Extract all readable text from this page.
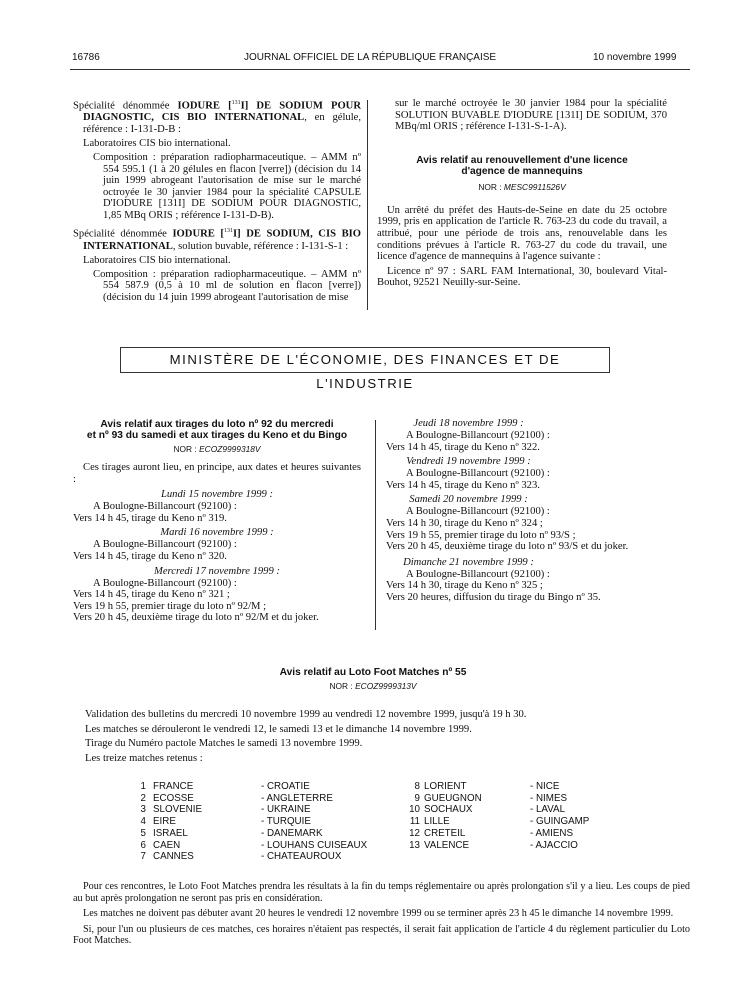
16786	JOURNAL OFFICIEL DE LA RÉPUBLIQUE FRANÇAISE	10 novembre 1999
Spécialité dénommée IODURE [$^{131}$I] DE SODIUM POUR DIAGNOSTIC, CIS BIO INTERNATIONAL, en gélule, référence : I-131-D-B :
Laboratoires CIS bio international.
Composition : préparation radiopharmaceutique. – AMM nº 554 595.1 (1 à 20 gélules en flacon [verre]) (décision du 14 juin 1999 abrogeant l'autorisation de mise sur le marché octroyée le 30 janvier 1984 pour la spécialité CAPSULE D'IODURE [131I] DE SODIUM POUR DIAGNOSTIC, 1,85 MBq ORIS ; référence I-131-D-B).
Spécialité dénommée IODURE [$^{131}$I] DE SODIUM, CIS BIO INTERNATIONAL, solution buvable, référence : I-131-S-1 :
Laboratoires CIS bio international.
Composition : préparation radiopharmaceutique. – AMM nº 554 587.9 (0,5 à 10 ml de solution en flacon [verre]) (décision du 14 juin 1999 abrogeant l'autorisation de mise
sur le marché octroyée le 30 janvier 1984 pour la spécialité SOLUTION BUVABLE D'IODURE [131I] DE SODIUM, 370 MBq/ml ORIS ; référence I-131-S-1-A).
Avis relatif au renouvellement d'une licence
d'agence de mannequins
NOR : MESC9911526V
Un arrêté du préfet des Hauts-de-Seine en date du 25 octobre 1999, pris en application de l'article R. 763-23 du code du travail, a attribué, pour une période de trois ans, renouvelable dans les conditions prévues à l'article R. 763-27 du code du travail, une licence d'agence de mannequins à l'agence suivante :
Licence nº 97 : SARL FAM International, 30, boulevard Vital-Bouhot, 92521 Neuilly-sur-Seine.
MINISTÈRE DE L'ÉCONOMIE, DES FINANCES ET DE L'INDUSTRIE
Avis relatif aux tirages du loto nº 92 du mercredi
et nº 93 du samedi et aux tirages du Keno et du Bingo
NOR : ECOZ9999318V
Ces tirages auront lieu, en principe, aux dates et heures suivantes :
Lundi 15 novembre 1999 :
A Boulogne-Billancourt (92100) :
Vers 14 h 45, tirage du Keno nº 319.
Mardi 16 novembre 1999 :
A Boulogne-Billancourt (92100) :
Vers 14 h 45, tirage du Keno nº 320.
Mercredi 17 novembre 1999 :
A Boulogne-Billancourt (92100) :
Vers 14 h 45, tirage du Keno nº 321 ;
Vers 19 h 55, premier tirage du loto nº 92/M ;
Vers 20 h 45, deuxième tirage du loto nº 92/M et du joker.
Jeudi 18 novembre 1999 :
A Boulogne-Billancourt (92100) :
Vers 14 h 45, tirage du Keno nº 322.
Vendredi 19 novembre 1999 :
A Boulogne-Billancourt (92100) :
Vers 14 h 45, tirage du Keno nº 323.
Samedi 20 novembre 1999 :
A Boulogne-Billancourt (92100) :
Vers 14 h 30, tirage du Keno nº 324 ;
Vers 19 h 55, premier tirage du loto nº 93/S ;
Vers 20 h 45, deuxième tirage du loto nº 93/S et du joker.
Dimanche 21 novembre 1999 :
A Boulogne-Billancourt (92100) :
Vers 14 h 30, tirage du Keno nº 325 ;
Vers 20 heures, diffusion du tirage du Bingo nº 35.
Avis relatif au Loto Foot Matches nº 55
NOR : ECOZ9999313V
Validation des bulletins du mercredi 10 novembre 1999 au vendredi 12 novembre 1999, jusqu'à 19 h 30.
Les matches se dérouleront le vendredi 12, le samedi 13 et le dimanche 14 novembre 1999.
Tirage du Numéro pactole Matches le samedi 13 novembre 1999.
Les treize matches retenus :
1 FRANCE	- CROATIE
2 ECOSSE	- ANGLETERRE
3 SLOVENIE	- UKRAINE
4 EIRE	- TURQUIE
5 ISRAEL	- DANEMARK
6 CAEN	- LOUHANS CUISEAUX
7 CANNES	- CHATEAUROUX
8 LORIENT	- NICE
9 GUEUGNON	- NIMES
10 SOCHAUX	- LAVAL
11 LILLE	- GUINGAMP
12 CRETEIL	- AMIENS
13 VALENCE	- AJACCIO
Pour ces rencontres, le Loto Foot Matches prendra les résultats à la fin du temps réglementaire ou après prolongation s'il y a lieu. Les coups de pied au but après prolongation ne seront pas pris en considération.
Les matches ne doivent pas débuter avant 20 heures le vendredi 12 novembre 1999 ou se terminer après 23 h 45 le dimanche 14 novembre 1999.
Si, pour l'un ou plusieurs de ces matches, ces horaires n'étaient pas respectés, il serait fait application de l'article 4 du règlement particulier du Loto Foot Matches.
